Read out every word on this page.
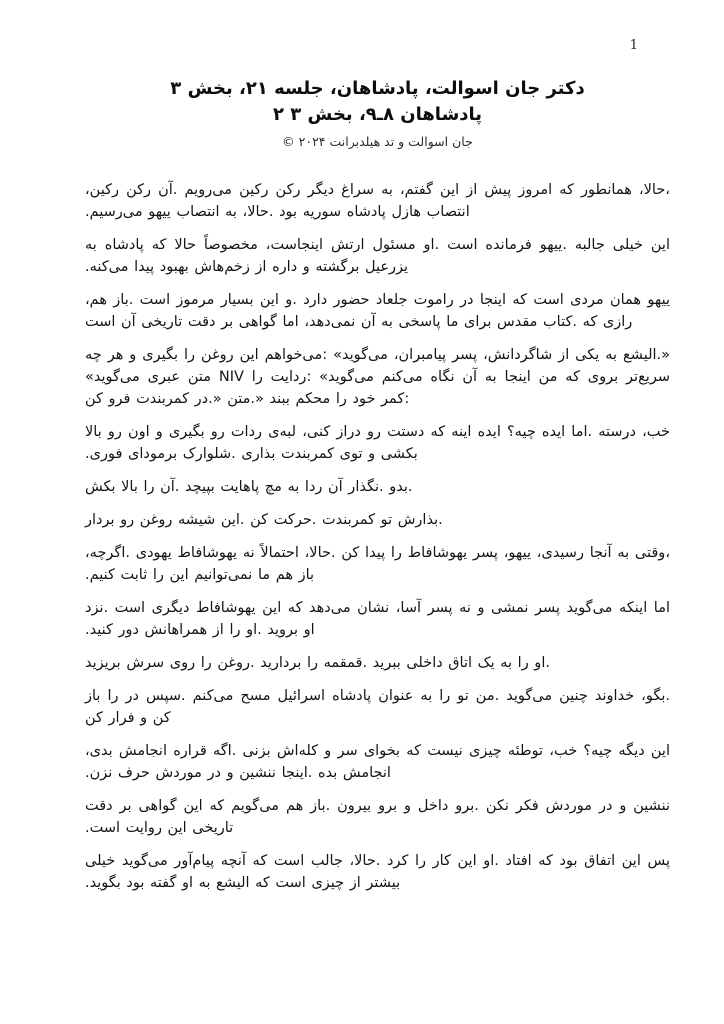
1
دکتر جان اسوالت، پادشاهان، جلسه ۲۱، بخش ۳
پادشاهان ۸ـ۹، بخش ۳ ۲
جان اسوالت و تد هیلدبرانت ۲۰۲۴ ©

،حالا، همانطور که امروز پیش از این گفتم، به سراغ دیگر رکن رکین می‌رویم .آن رکن رکین، انتصاب هازل پادشاه سوریه بود .حالا، به انتصاب ییهو می‌رسیم.

این خیلی جالبه .ییهو فرمانده است .او مسئول ارتش اینجاست، مخصوصاً حالا که پادشاه به یزرعیل برگشته و داره از زخم‌هاش بهبود پیدا می‌کنه.

ییهو همان مردی است که اینجا در راموت جلعاد حضور دارد .و این بسیار مرموز است .باز هم، رازی که .کتاب مقدس برای ما پاسخی به آن نمی‌دهد، اما گواهی بر دقت تاریخی آن است

«.الیشع به یکی از شاگردانش، پسر پیامبران، می‌گوید» :می‌خواهم این روغن را بگیری و هر چه سریع‌تر بروی که من اینجا به آن نگاه می‌کنم می‌گوید» :ردایت را NIV متن عبری می‌گوید» :کمر خود را محکم ببند «.متن «.در کمربندت فرو کن

خب، درسته .اما ایده چیه؟ ایده اینه که دستت رو دراز کنی، لبه‌ی ردات رو بگیری و اون رو بالا بکشی و توی کمربندت بذاری .شلوارک برمودای فوری.

.بدو .نگذار آن ردا به مچ پاهایت بپیچد .آن را بالا بکش

.بذارش تو کمربندت .حرکت کن .این شیشه روغن رو بردار

،وقتی به آنجا رسیدی، ییهو، پسر یهوشافاط را پیدا کن .حالا، احتمالاً نه یهوشافاط یهودی .اگرچه، باز هم ما نمی‌توانیم این را ثابت کنیم.

اما اینکه می‌گوید پسر نمشی و نه پسر آسا، نشان می‌دهد که این یهوشافاط دیگری است .نزد او بروید .او را از همراهانش دور کنید.

.او را به یک اتاق داخلی ببرید .قمقمه را بردارید .روغن را روی سرش بریزید

.بگو، خداوند چنین می‌گوید .من تو را به عنوان پادشاه اسرائیل مسح می‌کنم .سپس در را باز کن و فرار کن

این دیگه چیه؟ خب، توطئه چیزی نیست که بخوای سر و کله‌اش بزنی .اگه قراره انجامش بدی، انجامش بده .اینجا ننشین و در موردش حرف نزن.

ننشین و در موردش فکر نکن .برو داخل و برو بیرون .باز هم می‌گویم که این گواهی بر دقت تاریخی این روایت است.

پس این اتفاق بود که افتاد .او این کار را کرد .حالا، جالب است که آنچه پیام‌آور می‌گوید خیلی بیشتر از چیزی است که الیشع به او گفته بود بگوید.
